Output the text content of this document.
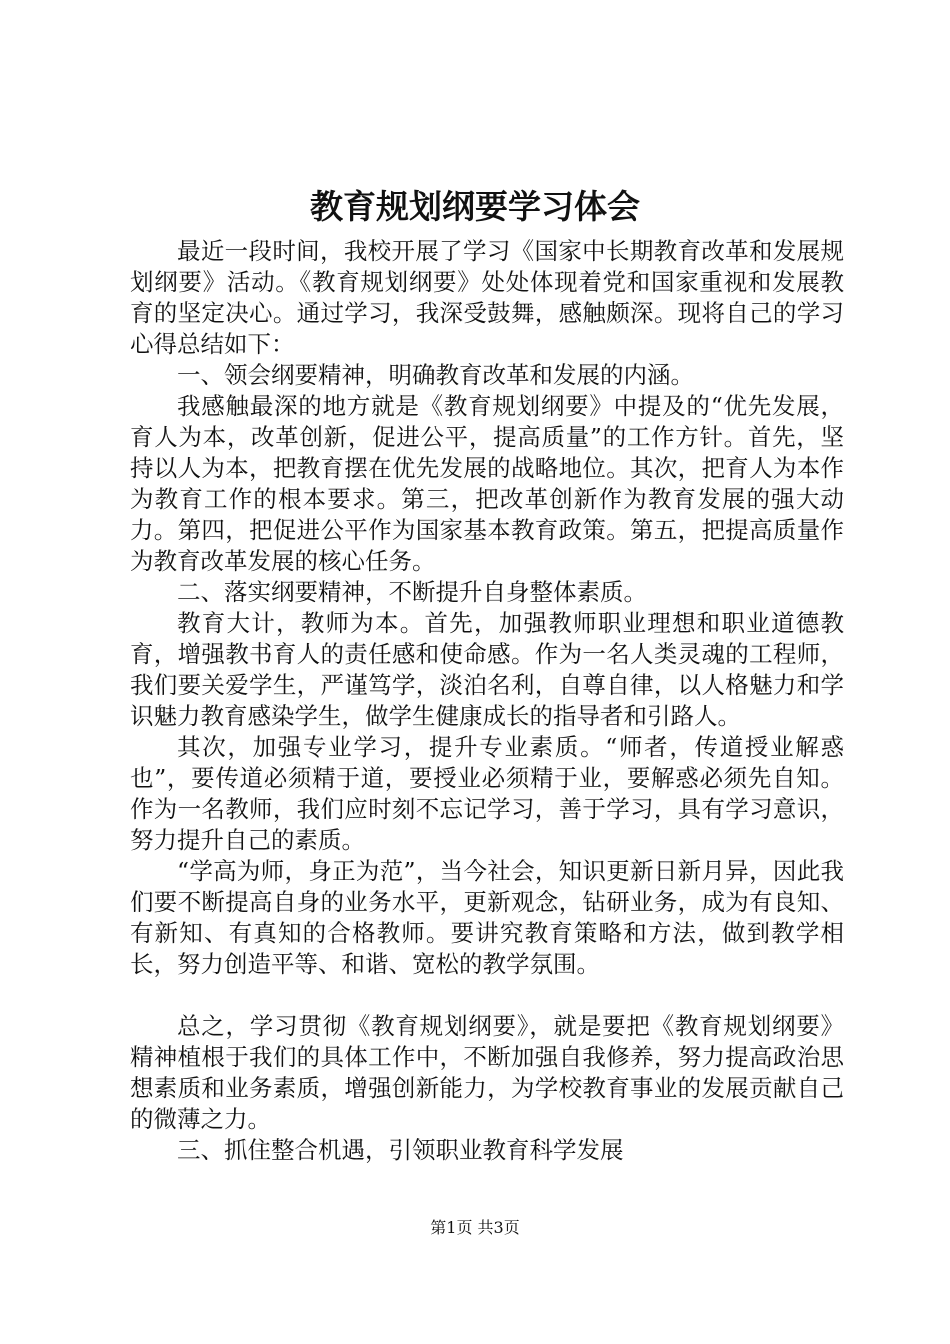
教育规划纲要学习体会

最近一段时间，我校开展了学习《国家中长期教育改革和发展规划纲要》活动。《教育规划纲要》处处体现着党和国家重视和发展教育的坚定决心。通过学习，我深受鼓舞，感触颇深。现将自己的学习心得总结如下：

一、领会纲要精神，明确教育改革和发展的内涵。

我感触最深的地方就是《教育规划纲要》中提及的“优先发展，育人为本，改革创新，促进公平，提高质量”的工作方针。首先，坚持以人为本，把教育摆在优先发展的战略地位。其次，把育人为本作为教育工作的根本要求。第三，把改革创新作为教育发展的强大动力。第四，把促进公平作为国家基本教育政策。第五，把提高质量作为教育改革发展的核心任务。

二、落实纲要精神，不断提升自身整体素质。

教育大计，教师为本。首先，加强教师职业理想和职业道德教育，增强教书育人的责任感和使命感。作为一名人类灵魂的工程师，我们要关爱学生，严谨笃学，淡泊名利，自尊自律，以人格魅力和学识魅力教育感染学生，做学生健康成长的指导者和引路人。

其次，加强专业学习，提升专业素质。“师者，传道授业解惑也”，要传道必须精于道，要授业必须精于业，要解惑必须先自知。作为一名教师，我们应时刻不忘记学习，善于学习，具有学习意识，努力提升自己的素质。

“学高为师，身正为范”，当今社会，知识更新日新月异，因此我们要不断提高自身的业务水平，更新观念，钻研业务，成为有良知、有新知、有真知的合格教师。要讲究教育策略和方法，做到教学相长，努力创造平等、和谐、宽松的教学氛围。

总之，学习贯彻《教育规划纲要》，就是要把《教育规划纲要》精神植根于我们的具体工作中，不断加强自我修养，努力提高政治思想素质和业务素质，增强创新能力，为学校教育事业的发展贡献自己的微薄之力。

三、抓住整合机遇，引领职业教育科学发展

第1页 共3页
